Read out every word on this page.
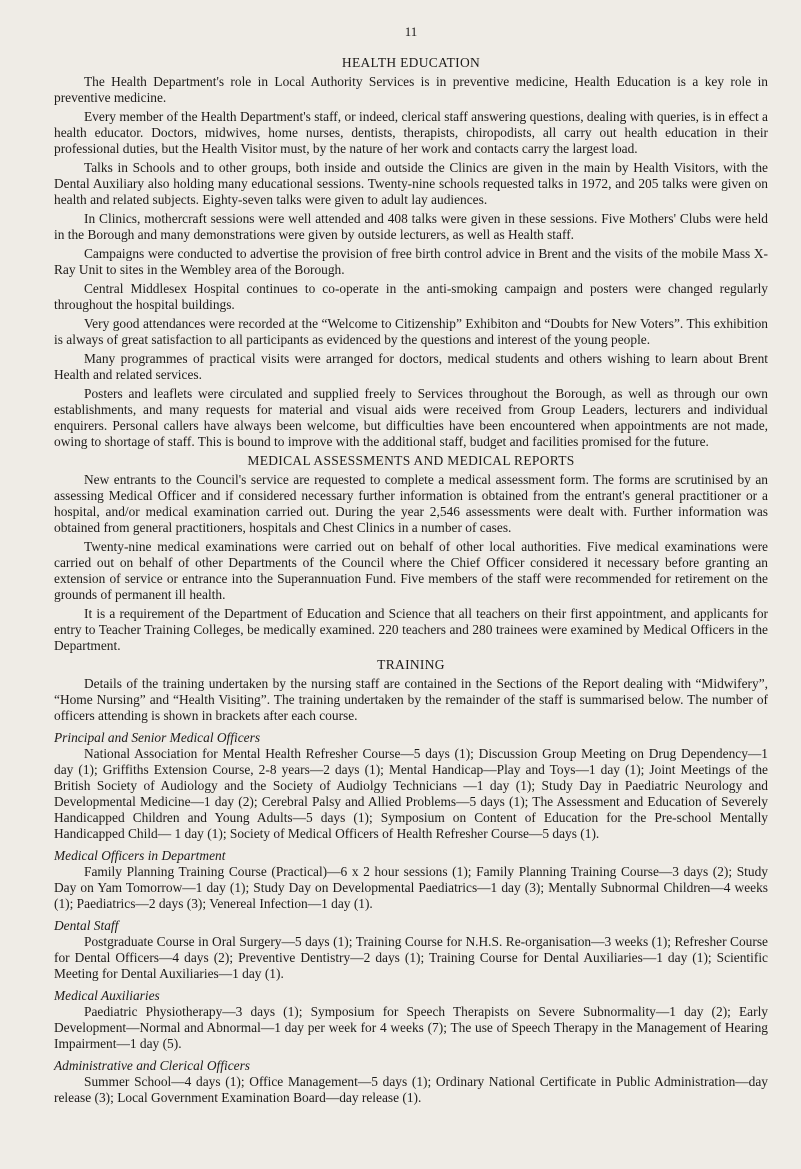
11
HEALTH EDUCATION

The Health Department's role in Local Authority Services is in preventive medicine, Health Education is a key role in preventive medicine.

Every member of the Health Department's staff, or indeed, clerical staff answering questions, dealing with queries, is in effect a health educator. Doctors, midwives, home nurses, dentists, therapists, chiropodists, all carry out health education in their professional duties, but the Health Visitor must, by the nature of her work and contacts carry the largest load.

Talks in Schools and to other groups, both inside and outside the Clinics are given in the main by Health Visitors, with the Dental Auxiliary also holding many educational sessions. Twenty-nine schools requested talks in 1972, and 205 talks were given on health and related subjects. Eighty-seven talks were given to adult lay audiences.

In Clinics, mothercraft sessions were well attended and 408 talks were given in these sessions. Five Mothers' Clubs were held in the Borough and many demonstrations were given by outside lecturers, as well as Health staff.

Campaigns were conducted to advertise the provision of free birth control advice in Brent and the visits of the mobile Mass X-Ray Unit to sites in the Wembley area of the Borough.

Central Middlesex Hospital continues to co-operate in the anti-smoking campaign and posters were changed regularly throughout the hospital buildings.

Very good attendances were recorded at the “Welcome to Citizenship” Exhibiton and “Doubts for New Voters”. This exhibition is always of great satisfaction to all participants as evidenced by the questions and interest of the young people.

Many programmes of practical visits were arranged for doctors, medical students and others wishing to learn about Brent Health and related services.

Posters and leaflets were circulated and supplied freely to Services throughout the Borough, as well as through our own establishments, and many requests for material and visual aids were received from Group Leaders, lecturers and individual enquirers. Personal callers have always been welcome, but difficulties have been encountered when appointments are not made, owing to shortage of staff. This is bound to improve with the additional staff, budget and facilities promised for the future.

MEDICAL ASSESSMENTS AND MEDICAL REPORTS

New entrants to the Council's service are requested to complete a medical assessment form. The forms are scrutinised by an assessing Medical Officer and if considered necessary further information is obtained from the entrant's general practitioner or a hospital, and/or medical examination carried out. During the year 2,546 assessments were dealt with. Further information was obtained from general practitioners, hospitals and Chest Clinics in a number of cases.

Twenty-nine medical examinations were carried out on behalf of other local authorities. Five medical examinations were carried out on behalf of other Departments of the Council where the Chief Officer considered it necessary before granting an extension of service or entrance into the Superannuation Fund. Five members of the staff were recommended for retirement on the grounds of permanent ill health.

It is a requirement of the Department of Education and Science that all teachers on their first appointment, and applicants for entry to Teacher Training Colleges, be medically examined. 220 teachers and 280 trainees were examined by Medical Officers in the Department.

TRAINING

Details of the training undertaken by the nursing staff are contained in the Sections of the Report dealing with “Midwifery”, “Home Nursing” and “Health Visiting”. The training undertaken by the remainder of the staff is summarised below. The number of officers attending is shown in brackets after each course.

Principal and Senior Medical Officers

National Association for Mental Health Refresher Course—5 days (1); Discussion Group Meeting on Drug Dependency—1 day (1); Griffiths Extension Course, 2-8 years—2 days (1); Mental Handicap—Play and Toys—1 day (1); Joint Meetings of the British Society of Audiology and the Society of Audiolgy Technicians —1 day (1); Study Day in Paediatric Neurology and Developmental Medicine—1 day (2); Cerebral Palsy and Allied Problems—5 days (1); The Assessment and Education of Severely Handicapped Children and Young Adults—5 days (1); Symposium on Content of Education for the Pre-school Mentally Handicapped Child— 1 day (1); Society of Medical Officers of Health Refresher Course—5 days (1).

Medical Officers in Department

Family Planning Training Course (Practical)—6 x 2 hour sessions (1); Family Planning Training Course—3 days (2); Study Day on Yam Tomorrow—1 day (1); Study Day on Developmental Paediatrics—1 day (3); Mentally Subnormal Children—4 weeks (1); Paediatrics—2 days (3); Venereal Infection—1 day (1).

Dental Staff

Postgraduate Course in Oral Surgery—5 days (1); Training Course for N.H.S. Re-organisation—3 weeks (1); Refresher Course for Dental Officers—4 days (2); Preventive Dentistry—2 days (1); Training Course for Dental Auxiliaries—1 day (1); Scientific Meeting for Dental Auxiliaries—1 day (1).

Medical Auxiliaries

Paediatric Physiotherapy—3 days (1); Symposium for Speech Therapists on Severe Subnormality—1 day (2); Early Development—Normal and Abnormal—1 day per week for 4 weeks (7); The use of Speech Therapy in the Management of Hearing Impairment—1 day (5).

Administrative and Clerical Officers

Summer School—4 days (1); Office Management—5 days (1); Ordinary National Certificate in Public Administration—day release (3); Local Government Examination Board—day release (1).
